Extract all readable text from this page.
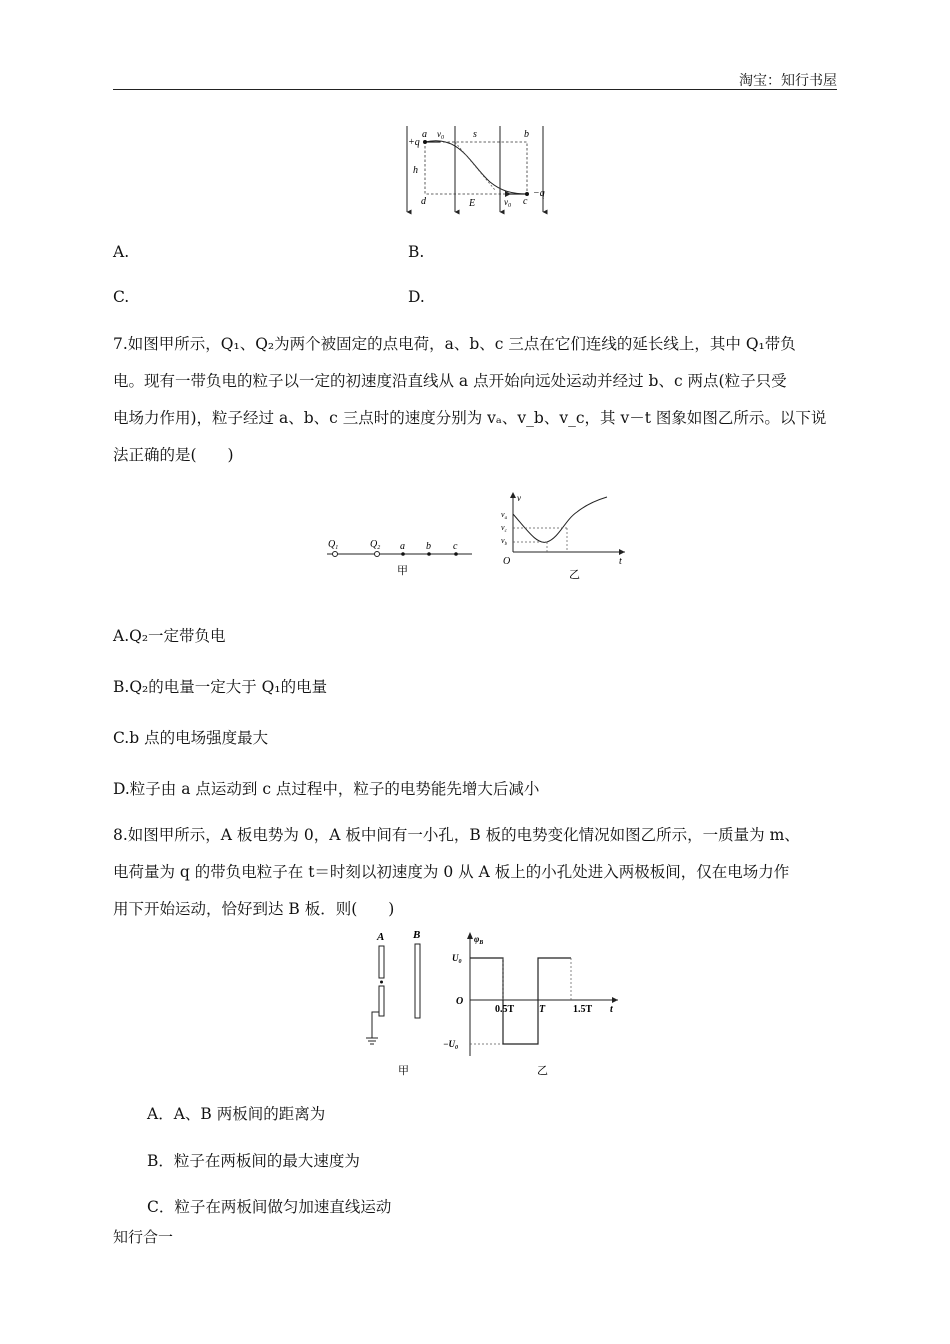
淘宝：知行书屋
+q
a $v_0$	s	b
h
d	E	$v_0$ c
−q
A.	B.
C.	D.
7.如图甲所示，Q₁、Q₂为两个被固定的点电荷，a、b、c 三点在它们连线的延长线上，其中 Q₁带负
电。现有一带负电的粒子以一定的初速度沿直线从 a 点开始向远处运动并经过 b、c 两点(粒子只受
电场力作用)，粒子经过 a、b、c 三点时的速度分别为 vₐ、v_b、v_c，其 v－t 图象如图乙所示。以下说
法正确的是(　　)
$Q_1$	$Q_2$ a b c
甲
v
$v_a$
$v_c$
$v_b$
O	t
乙
A.Q₂一定带负电
B.Q₂的电量一定大于 Q₁的电量
C.b 点的电场强度最大
D.粒子由 a 点运动到 c 点过程中，粒子的电势能先增大后减小
8.如图甲所示，A 板电势为 0，A 板中间有一小孔，B 板的电势变化情况如图乙所示，一质量为 m、
电荷量为 q 的带负电粒子在 t＝时刻以初速度为 0 从 A 板上的小孔处进入两极板间，仅在电场力作
用下开始运动，恰好到达 B 板．则(　　)
A	B
甲
$\varphi_B$
$U_0$
O
$-U_0$
0.5T T	1.5T t
乙
A．A、B 两板间的距离为
B．粒子在两板间的最大速度为
C．粒子在两板间做匀加速直线运动
知行合一
